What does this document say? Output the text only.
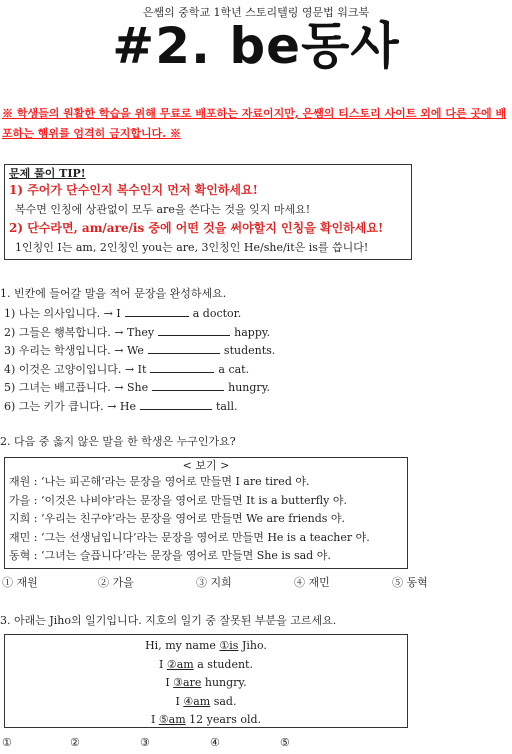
은쌤의 중학교 1학년 스토리텔링 영문법 워크북
#2. be동사
※ 학생들의 원활한 학습을 위해 무료로 배포하는 자료이지만, 은쌤의 티스토리 사이트 외에 다른 곳에 배포하는 행위를 엄격히 금지합니다. ※
문제 풀이 TIP!
1) 주어가 단수인지 복수인지 먼저 확인하세요!
복수면 인칭에 상관없이 모두 are을 쓴다는 것을 잊지 마세요!
2) 단수라면, am/are/is 중에 어떤 것을 써야할지 인칭을 확인하세요!
1인칭인 I는 am, 2인칭인 you는 are, 3인칭인 He/she/it은 is를 씁니다!
1. 빈칸에 들어갈 말을 적어 문장을 완성하세요.
1) 나는 의사입니다. → I	a doctor.
2) 그들은 행복합니다. → They	happy.
3) 우리는 학생입니다. → We	students.
4) 이것은 고양이입니다. → It	a cat.
5) 그녀는 배고픕니다. → She	hungry.
6) 그는 키가 큽니다. → He	tall.
2. 다음 중 옳지 않은 말을 한 학생은 누구인가요?
< 보기 >
재원 : ‘나는 피곤해’라는 문장을 영어로 만들면 I are tired 야.
가을 : ‘이것은 나비야’라는 문장을 영어로 만들면 It is a butterfly 야.
지희 : ‘우리는 친구야’라는 문장을 영어로 만들면 We are friends 야.
재민 : ‘그는 선생님입니다’라는 문장을 영어로 만들면 He is a teacher 야.
동혁 : ‘그녀는 슬픕니다’라는 문장을 영어로 만들면 She is sad 야.
① 재원	② 가을	③ 지희	④ 재민	⑤ 동혁
3. 아래는 Jiho의 일기입니다. 지호의 일기 중 잘못된 부분을 고르세요.
Hi, my name ①is Jiho.
I ②am a student.
I ③are hungry.
I ④am sad.
I ⑤am 12 years old.
①	②	③	④	⑤
